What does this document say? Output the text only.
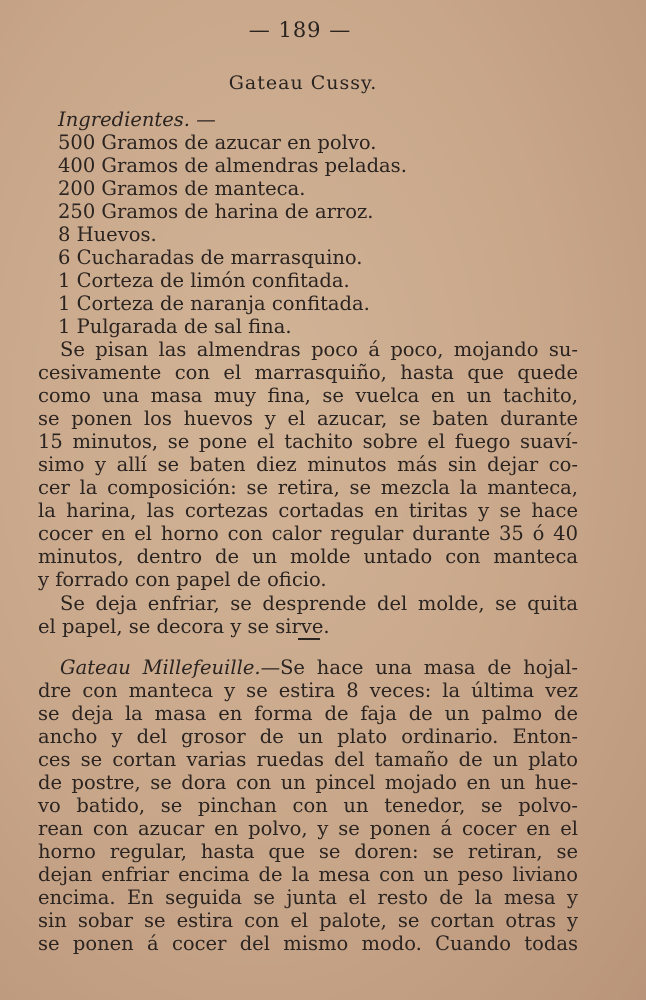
— 189 —
Gateau Cussy.
Ingredientes. —
500 Gramos de azucar en polvo.
400 Gramos de almendras peladas.
200 Gramos de manteca.
250 Gramos de harina de arroz.
8 Huevos.
6 Cucharadas de marrasquino.
1 Corteza de limón confitada.
1 Corteza de naranja confitada.
1 Pulgarada de sal fina.
Se pisan las almendras poco á poco, mojando su-
cesivamente con el marrasquiño, hasta que quede
como una masa muy fina, se vuelca en un tachito,
se ponen los huevos y el azucar, se baten durante
15 minutos, se pone el tachito sobre el fuego suaví-
simo y allí se baten diez minutos más sin dejar co-
cer la composición: se retira, se mezcla la manteca,
la harina, las cortezas cortadas en tiritas y se hace
cocer en el horno con calor regular durante 35 ó 40
minutos, dentro de un molde untado con manteca
y forrado con papel de oficio.
Se deja enfriar, se desprende del molde, se quita
el papel, se decora y se sirve.
Gateau Millefeuille.—Se hace una masa de hojal-
dre con manteca y se estira 8 veces: la última vez
se deja la masa en forma de faja de un palmo de
ancho y del grosor de un plato ordinario. Enton-
ces se cortan varias ruedas del tamaño de un plato
de postre, se dora con un pincel mojado en un hue-
vo batido, se pinchan con un tenedor, se polvo-
rean con azucar en polvo, y se ponen á cocer en el
horno regular, hasta que se doren: se retiran, se
dejan enfriar encima de la mesa con un peso liviano
encima. En seguida se junta el resto de la mesa y
sin sobar se estira con el palote, se cortan otras y
se ponen á cocer del mismo modo. Cuando todas
